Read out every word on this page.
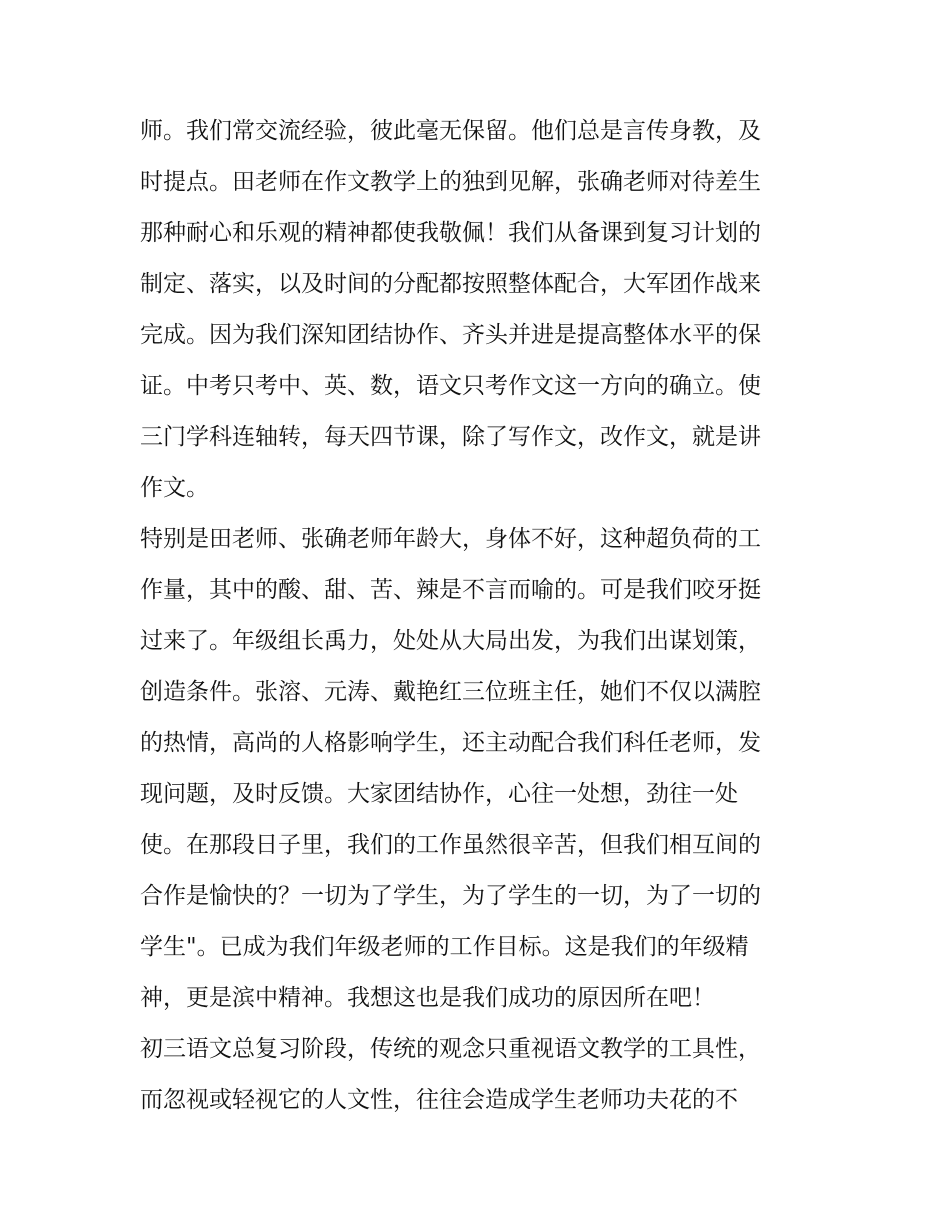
师。我们常交流经验，彼此毫无保留。他们总是言传身教，及
时提点。田老师在作文教学上的独到见解，张确老师对待差生
那种耐心和乐观的精神都使我敬佩！我们从备课到复习计划的
制定、落实，以及时间的分配都按照整体配合，大军团作战来
完成。因为我们深知团结协作、齐头并进是提高整体水平的保
证。中考只考中、英、数，语文只考作文这一方向的确立。使
三门学科连轴转，每天四节课，除了写作文，改作文，就是讲
作文。
特别是田老师、张确老师年龄大，身体不好，这种超负荷的工
作量，其中的酸、甜、苦、辣是不言而喻的。可是我们咬牙挺
过来了。年级组长禹力，处处从大局出发，为我们出谋划策，
创造条件。张溶、元涛、戴艳红三位班主任，她们不仅以满腔
的热情，高尚的人格影响学生，还主动配合我们科任老师，发
现问题，及时反馈。大家团结协作，心往一处想，劲往一处
使。在那段日子里，我们的工作虽然很辛苦，但我们相互间的
合作是愉快的？一切为了学生，为了学生的一切，为了一切的
学生"。已成为我们年级老师的工作目标。这是我们的年级精
神，更是滨中精神。我想这也是我们成功的原因所在吧！
初三语文总复习阶段，传统的观念只重视语文教学的工具性，
而忽视或轻视它的人文性，往往会造成学生老师功夫花的不
